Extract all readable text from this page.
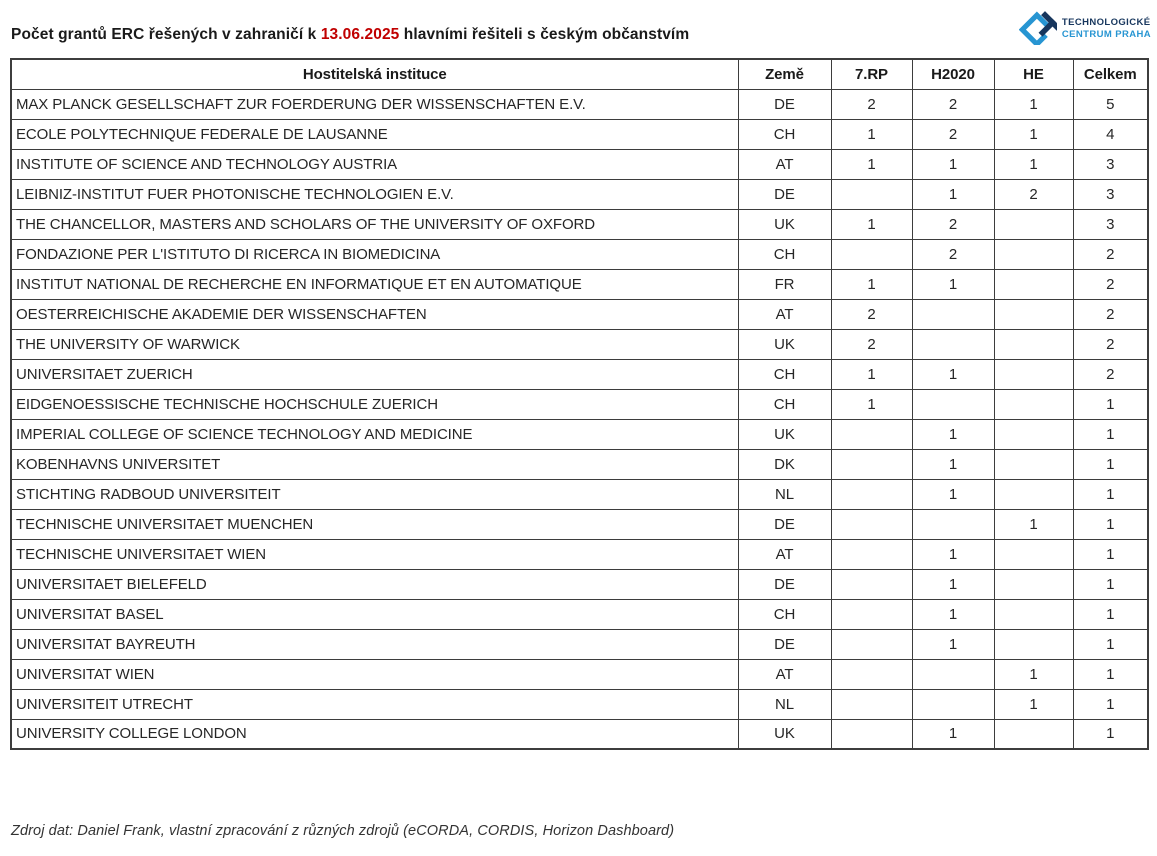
Počet grantů ERC řešených v zahraničí k 13.06.2025 hlavními řešiteli s českým občanstvím
TECHNOLOGICKÉ
CENTRUM PRAHA
Hostitelská instituce	Země	7.RP	H2020	HE	Celkem
MAX PLANCK GESELLSCHAFT ZUR FOERDERUNG DER WISSENSCHAFTEN E.V.	DE	2	2	1	5
ECOLE POLYTECHNIQUE FEDERALE DE LAUSANNE	CH	1	2	1	4
INSTITUTE OF SCIENCE AND TECHNOLOGY AUSTRIA	AT	1	1	1	3
LEIBNIZ-INSTITUT FUER PHOTONISCHE TECHNOLOGIEN E.V.	DE		1	2	3
THE CHANCELLOR, MASTERS AND SCHOLARS OF THE UNIVERSITY OF OXFORD	UK	1	2		3
FONDAZIONE PER L'ISTITUTO DI RICERCA IN BIOMEDICINA	CH		2		2
INSTITUT NATIONAL DE RECHERCHE EN INFORMATIQUE ET EN AUTOMATIQUE	FR	1	1		2
OESTERREICHISCHE AKADEMIE DER WISSENSCHAFTEN	AT	2			2
THE UNIVERSITY OF WARWICK	UK	2			2
UNIVERSITAET ZUERICH	CH	1	1		2
EIDGENOESSISCHE TECHNISCHE HOCHSCHULE ZUERICH	CH	1			1
IMPERIAL COLLEGE OF SCIENCE TECHNOLOGY AND MEDICINE	UK		1		1
KOBENHAVNS UNIVERSITET	DK		1		1
STICHTING RADBOUD UNIVERSITEIT	NL		1		1
TECHNISCHE UNIVERSITAET MUENCHEN	DE			1	1
TECHNISCHE UNIVERSITAET WIEN	AT		1		1
UNIVERSITAET BIELEFELD	DE		1		1
UNIVERSITAT BASEL	CH		1		1
UNIVERSITAT BAYREUTH	DE		1		1
UNIVERSITAT WIEN	AT			1	1
UNIVERSITEIT UTRECHT	NL			1	1
UNIVERSITY COLLEGE LONDON	UK		1		1
Zdroj dat: Daniel Frank, vlastní zpracování z různých zdrojů (eCORDA, CORDIS, Horizon Dashboard)
